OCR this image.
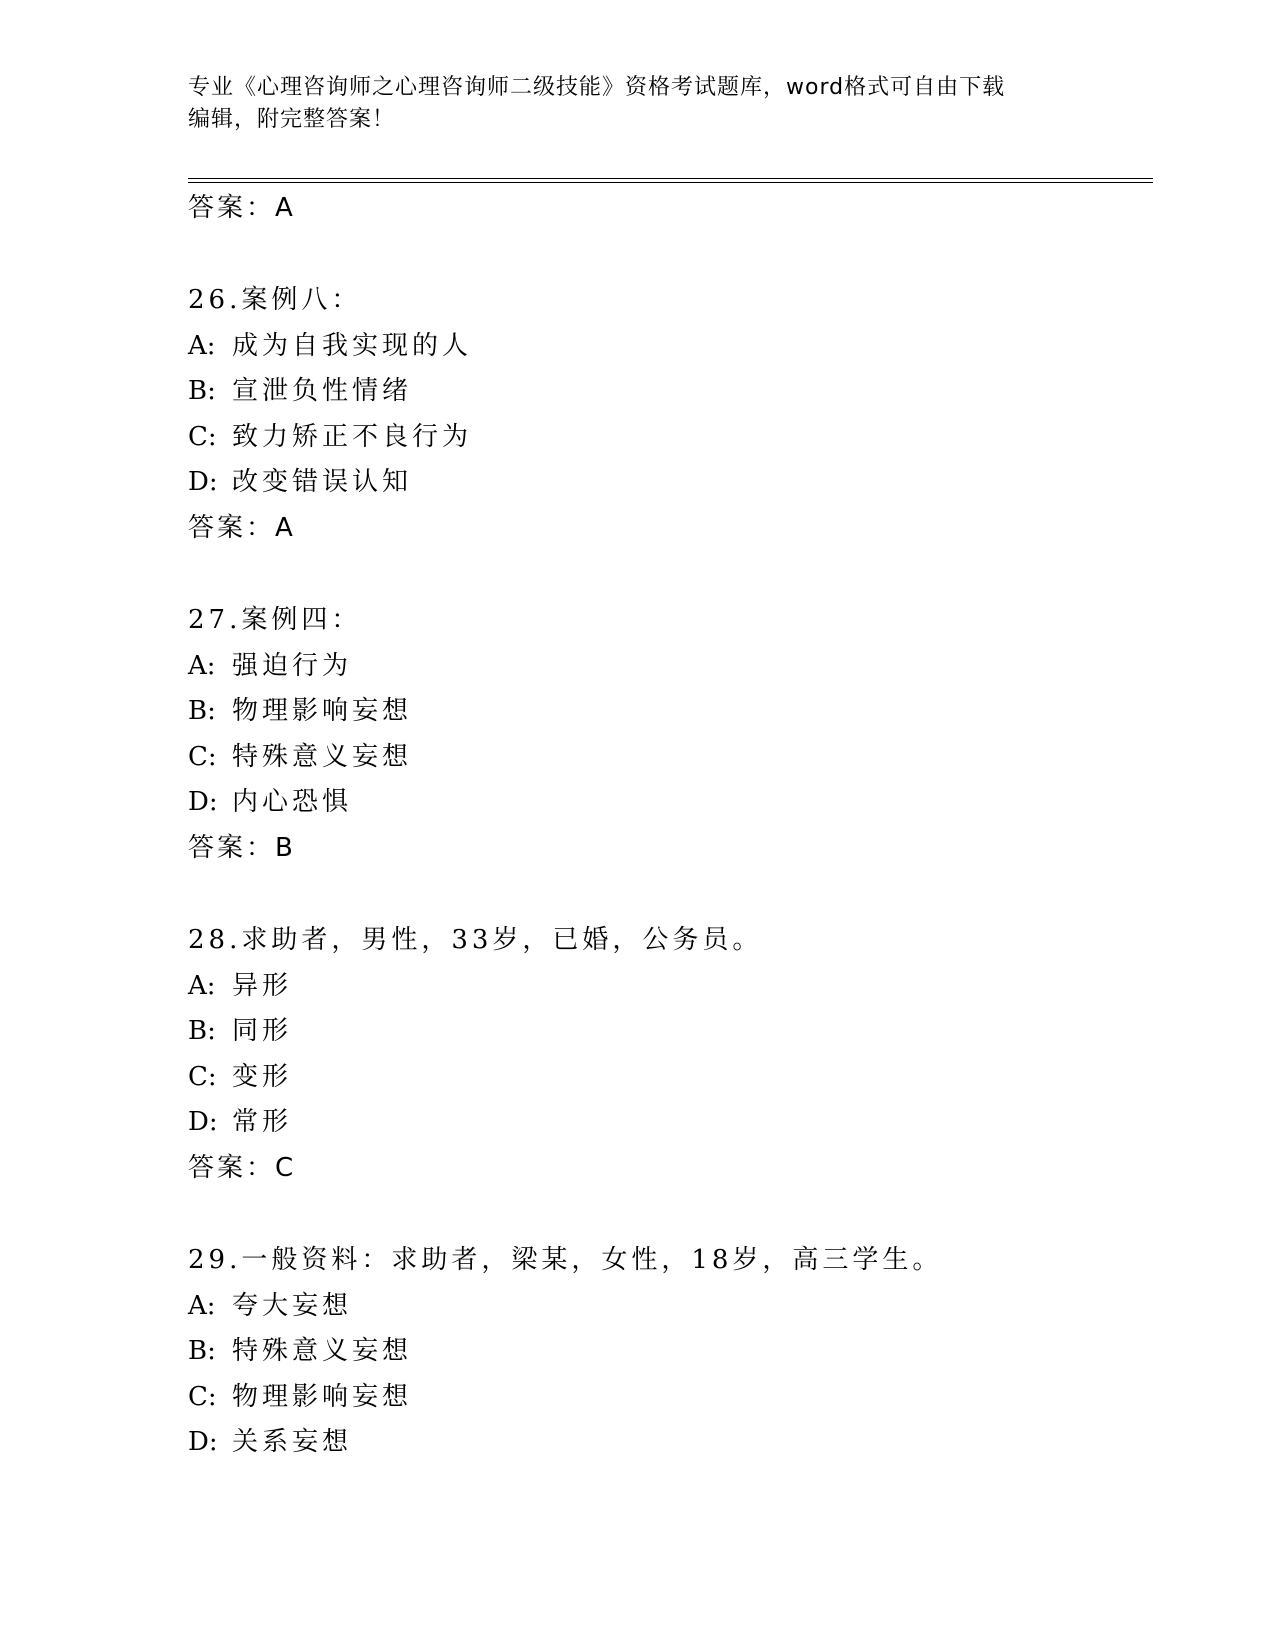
专业《心理咨询师之心理咨询师二级技能》资格考试题库，word格式可自由下载
编辑，附完整答案！

答案：A

26.案例八：

A: 成为自我实现的人

B: 宣泄负性情绪

C: 致力矫正不良行为

D: 改变错误认知

答案：A

27.案例四：

A: 强迫行为

B: 物理影响妄想

C: 特殊意义妄想

D: 内心恐惧

答案：B

28.求助者，男性，33岁，已婚，公务员。

A: 异形

B: 同形

C: 变形

D: 常形

答案：C

29.一般资料：求助者，梁某，女性，18岁，高三学生。

A: 夸大妄想

B: 特殊意义妄想

C: 物理影响妄想

D: 关系妄想
